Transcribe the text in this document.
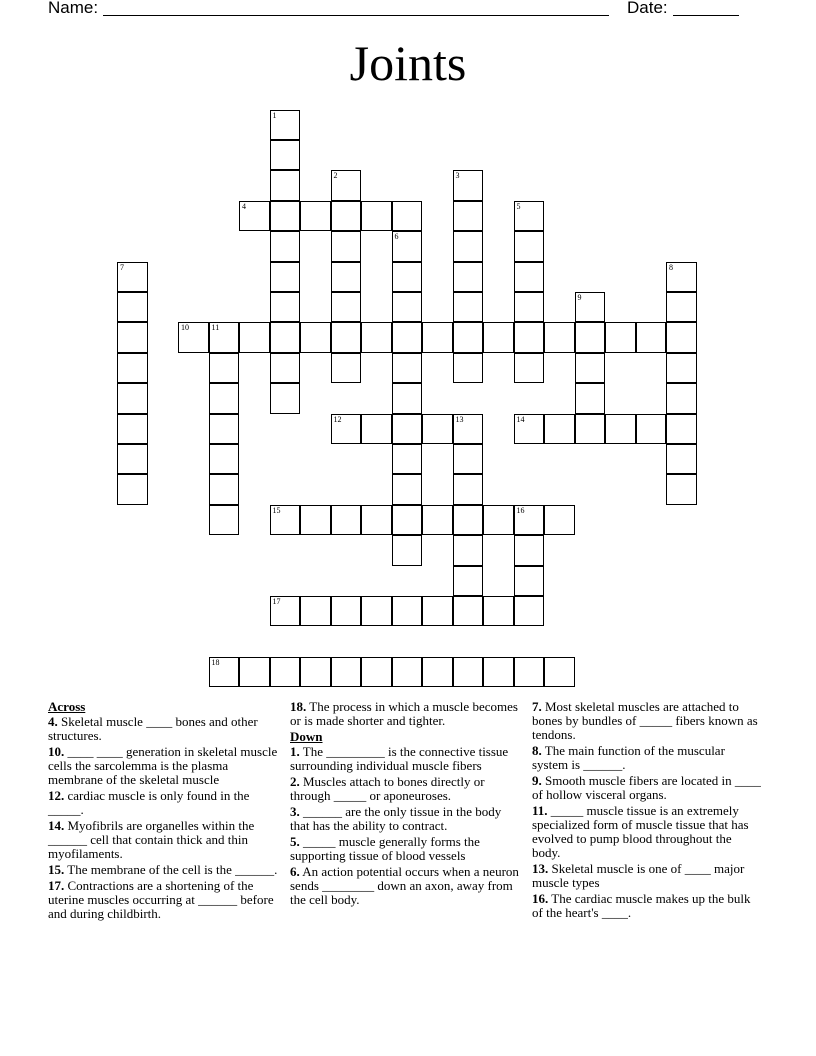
Name:	Date:
Joints
1
2	3
4	5
6
7	8
9
10	11
12	13	14
15	16
17
18
Across
4. Skeletal muscle ____ bones and other structures.
10. ____ ____ generation in skeletal muscle cells the sarcolemma is the plasma membrane of the skeletal muscle
12. cardiac muscle is only found in the _____.
14. Myofibrils are organelles within the ______ cell that contain thick and thin myofilaments.
15. The membrane of the cell is the ______.
17. Contractions are a shortening of the uterine muscles occurring at ______ before and during childbirth.
18. The process in which a muscle becomes or is made shorter and tighter.
Down
1. The _________ is the connective tissue surrounding individual muscle fibers
2. Muscles attach to bones directly or through _____ or aponeuroses.
3. ______ are the only tissue in the body that has the ability to contract.
5. _____ muscle generally forms the supporting tissue of blood vessels
6. An action potential occurs when a neuron sends ________ down an axon, away from the cell body.
7. Most skeletal muscles are attached to bones by bundles of _____ fibers known as tendons.
8. The main function of the muscular system is ______.
9. Smooth muscle fibers are located in ____ of hollow visceral organs.
11. _____ muscle tissue is an extremely specialized form of muscle tissue that has evolved to pump blood throughout the body.
13. Skeletal muscle is one of ____ major muscle types
16. The cardiac muscle makes up the bulk of the heart's ____.
